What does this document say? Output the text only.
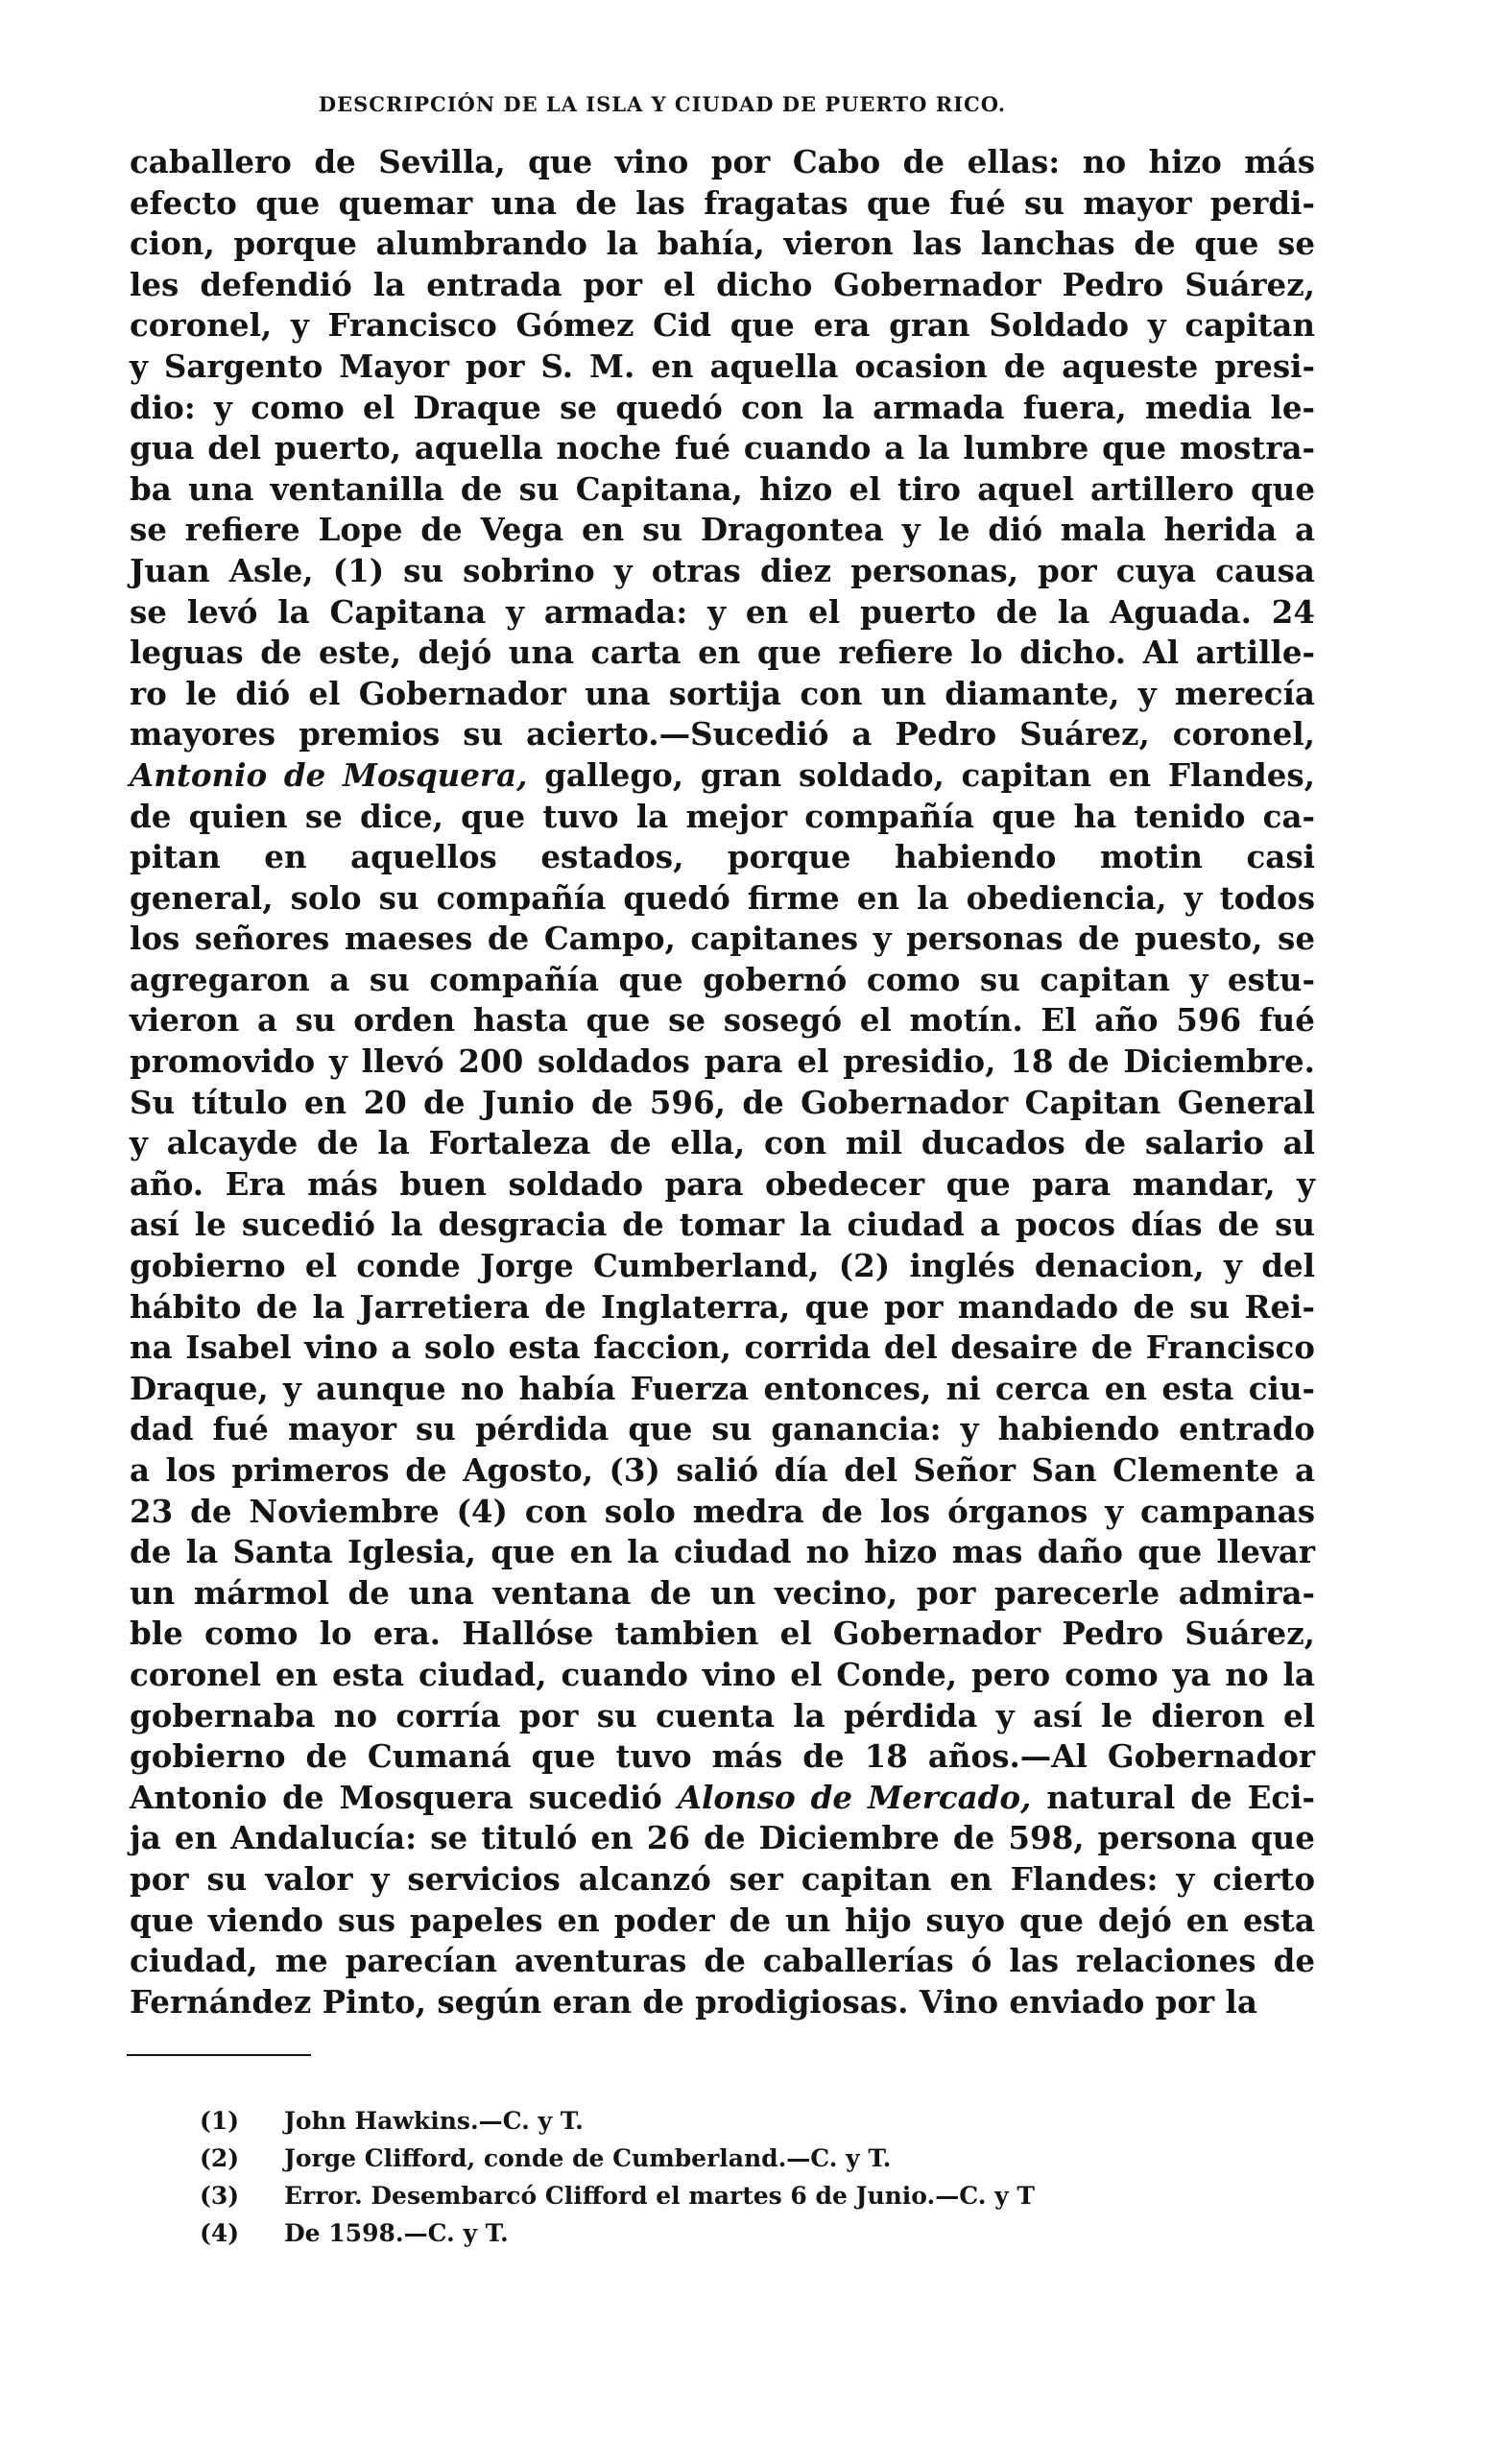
DESCRIPCIÓN DE LA ISLA Y CIUDAD DE PUERTO RICO.
caballero de Sevilla, que vino por Cabo de ellas: no hizo más
efecto que quemar una de las fragatas que fué su mayor perdi-
cion, porque alumbrando la bahía, vieron las lanchas de que se
les defendió la entrada por el dicho Gobernador Pedro Suárez,
coronel, y Francisco Gómez Cid que era gran Soldado y capitan
y Sargento Mayor por S. M. en aquella ocasion de aqueste presi-
dio: y como el Draque se quedó con la armada fuera, media le-
gua del puerto, aquella noche fué cuando a la lumbre que mostra-
ba una ventanilla de su Capitana, hizo el tiro aquel artillero que
se refiere Lope de Vega en su Dragontea y le dió mala herida a
Juan Asle, (1) su sobrino y otras diez personas, por cuya causa
se levó la Capitana y armada: y en el puerto de la Aguada. 24
leguas de este, dejó una carta en que refiere lo dicho. Al artille-
ro le dió el Gobernador una sortija con un diamante, y merecía
mayores premios su acierto.—Sucedió a Pedro Suárez, coronel,
Antonio de Mosquera, gallego, gran soldado, capitan en Flandes,
de quien se dice, que tuvo la mejor compañía que ha tenido ca-
pitan en aquellos estados, porque habiendo motin casi
general, solo su compañía quedó firme en la obediencia, y todos
los señores maeses de Campo, capitanes y personas de puesto, se
agregaron a su compañía que gobernó como su capitan y estu-
vieron a su orden hasta que se sosegó el motín. El año 596 fué
promovido y llevó 200 soldados para el presidio, 18 de Diciembre.
Su título en 20 de Junio de 596, de Gobernador Capitan General
y alcayde de la Fortaleza de ella, con mil ducados de salario al
año. Era más buen soldado para obedecer que para mandar, y
así le sucedió la desgracia de tomar la ciudad a pocos días de su
gobierno el conde Jorge Cumberland, (2) inglés denacion, y del
hábito de la Jarretiera de Inglaterra, que por mandado de su Rei-
na Isabel vino a solo esta faccion, corrida del desaire de Francisco
Draque, y aunque no había Fuerza entonces, ni cerca en esta ciu-
dad fué mayor su pérdida que su ganancia: y habiendo entrado
a los primeros de Agosto, (3) salió día del Señor San Clemente a
23 de Noviembre (4) con solo medra de los órganos y campanas
de la Santa Iglesia, que en la ciudad no hizo mas daño que llevar
un mármol de una ventana de un vecino, por parecerle admira-
ble como lo era. Hallóse tambien el Gobernador Pedro Suárez,
coronel en esta ciudad, cuando vino el Conde, pero como ya no la
gobernaba no corría por su cuenta la pérdida y así le dieron el
gobierno de Cumaná que tuvo más de 18 años.—Al Gobernador
Antonio de Mosquera sucedió Alonso de Mercado, natural de Eci-
ja en Andalucía: se tituló en 26 de Diciembre de 598, persona que
por su valor y servicios alcanzó ser capitan en Flandes: y cierto
que viendo sus papeles en poder de un hijo suyo que dejó en esta
ciudad, me parecían aventuras de caballerías ó las relaciones de
Fernández Pinto, según eran de prodigiosas. Vino enviado por la
(1)	John Hawkins.—C. y T.
(2)	Jorge Clifford, conde de Cumberland.—C. y T.
(3)	Error. Desembarcó Clifford el martes 6 de Junio.—C. y T
(4)	De 1598.—C. y T.
